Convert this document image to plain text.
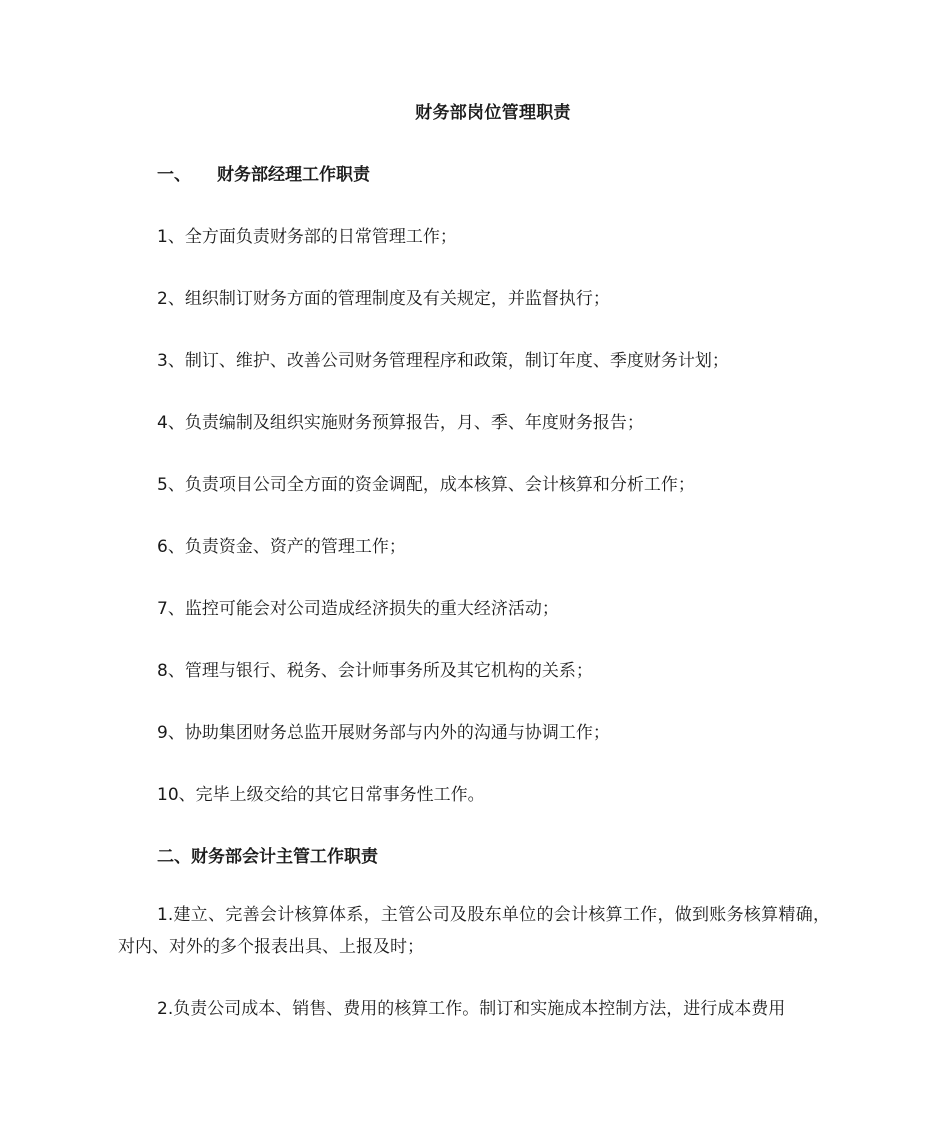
财务部岗位管理职责
一、 财务部经理工作职责
1、全方面负责财务部的日常管理工作；
2、组织制订财务方面的管理制度及有关规定，并监督执行；
3、制订、维护、改善公司财务管理程序和政策，制订年度、季度财务计划；
4、负责编制及组织实施财务预算报告，月、季、年度财务报告；
5、负责项目公司全方面的资金调配，成本核算、会计核算和分析工作；
6、负责资金、资产的管理工作；
7、监控可能会对公司造成经济损失的重大经济活动；
8、管理与银行、税务、会计师事务所及其它机构的关系；
9、协助集团财务总监开展财务部与内外的沟通与协调工作；
10、完毕上级交给的其它日常事务性工作。
二、财务部会计主管工作职责
1.建立、完善会计核算体系，主管公司及股东单位的会计核算工作，做到账务核算精确，对内、对外的多个报表出具、上报及时；
2.负责公司成本、销售、费用的核算工作。制订和实施成本控制方法，进行成本费用
